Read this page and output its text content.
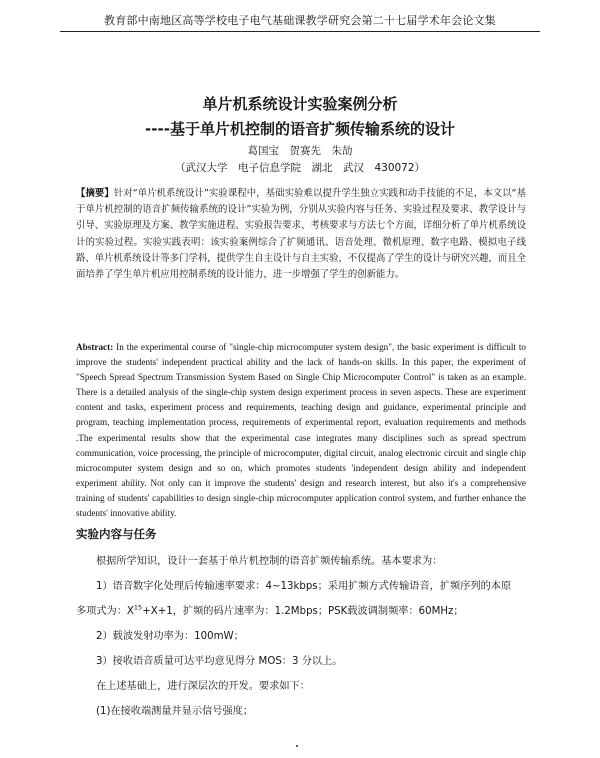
教育部中南地区高等学校电子电气基础课教学研究会第二十七届学术年会论文集
单片机系统设计实验案例分析
----基于单片机控制的语音扩频传输系统的设计
葛国宝　贺赛先　朱劼
（武汉大学　电子信息学院　湖北　武汉　430072）

【摘要】针对“单片机系统设计”实验课程中，基础实验难以提升学生独立实践和动手技能的不足，本文以“基于单片机控制的语音扩频传输系统的设计”实验为例，分别从实验内容与任务、实验过程及要求、教学设计与引导、实验原理及方案、教学实施进程、实验报告要求、考核要求与方法七个方面，详细分析了单片机系统设计的实验过程。实验实践表明：该实验案例综合了扩频通讯、语音处理、微机原理、数字电路、模拟电子线路、单片机系统设计等多门学科，提供学生自主设计与自主实验，不仅提高了学生的设计与研究兴趣，而且全面培养了学生单片机应用控制系统的设计能力，进一步增强了学生的创新能力。

Abstract: In the experimental course of "single-chip microcomputer system design", the basic experiment is difficult to improve the students' independent practical ability and the lack of hands-on skills. In this paper, the experiment of "Speech Spread Spectrum Transmission System Based on Single Chip Microcomputer Control" is taken as an example. There is a detailed analysis of the single-chip system design experiment process in seven aspects. These are experiment content and tasks, experiment process and requirements, teaching design and guidance, experimental principle and program, teaching implementation process, requirements of experimental report, evaluation requirements and methods .The experimental results show that the experimental case integrates many disciplines such as spread spectrum communication, voice processing, the principle of microcomputer, digital circuit, analog electronic circuit and single chip microcomputer system design and so on, which promotes students 'independent design ability and independent experiment ability. Not only can it improve the students' design and research interest, but also it's a comprehensive training of students' capabilities to design single-chip microcomputer application control system, and further enhance the students' innovative ability.

实验内容与任务
根据所学知识，设计一套基于单片机控制的语音扩频传输系统。基本要求为：
1）语音数字化处理后传输速率要求：4~13kbps；采用扩频方式传输语音，扩频序列的本原
多项式为：$X^{15}+X+1$，扩频的码片速率为：1.2Mbps；PSK载波调制频率：60MHz；
2）载波发射功率为：100mW；
3）接收语音质量可达平均意见得分 MOS：3 分以上。
在上述基础上，进行深层次的开发。要求如下：
(1)在接收端测量并显示信号强度；
